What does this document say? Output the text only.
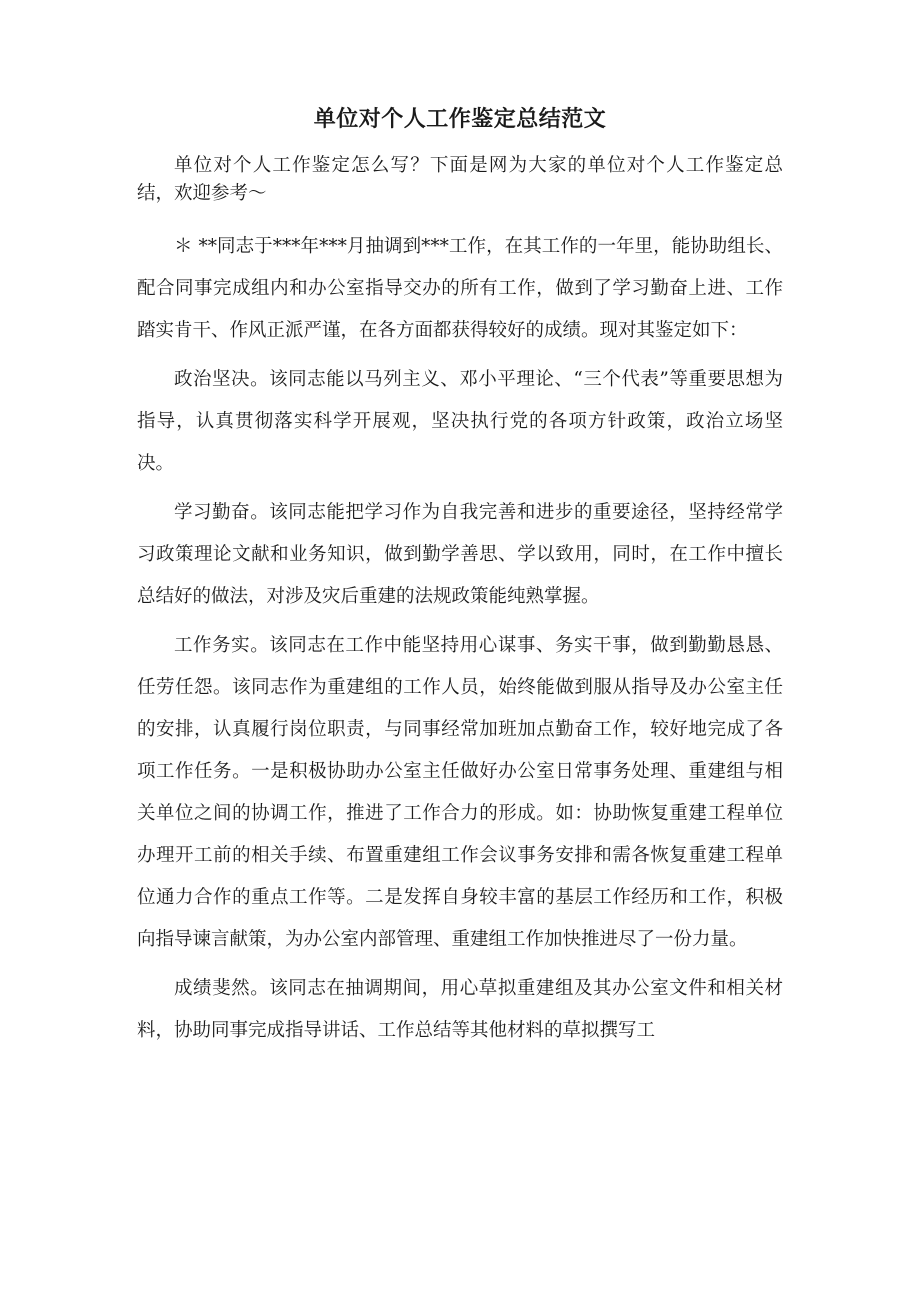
单位对个人工作鉴定总结范文

单位对个人工作鉴定怎么写？下面是网为大家的单位对个人工作鉴定总结，欢迎参考～

＊ **同志于***年***月抽调到***工作，在其工作的一年里，能协助组长、配合同事完成组内和办公室指导交办的所有工作，做到了学习勤奋上进、工作踏实肯干、作风正派严谨，在各方面都获得较好的成绩。现对其鉴定如下：

政治坚决。该同志能以马列主义、邓小平理论、“三个代表”等重要思想为指导，认真贯彻落实科学开展观，坚决执行党的各项方针政策，政治立场坚决。

学习勤奋。该同志能把学习作为自我完善和进步的重要途径，坚持经常学习政策理论文献和业务知识，做到勤学善思、学以致用，同时，在工作中擅长总结好的做法，对涉及灾后重建的法规政策能纯熟掌握。

工作务实。该同志在工作中能坚持用心谋事、务实干事，做到勤勤恳恳、任劳任怨。该同志作为重建组的工作人员，始终能做到服从指导及办公室主任的安排，认真履行岗位职责，与同事经常加班加点勤奋工作，较好地完成了各项工作任务。一是积极协助办公室主任做好办公室日常事务处理、重建组与相关单位之间的协调工作，推进了工作合力的形成。如：协助恢复重建工程单位办理开工前的相关手续、布置重建组工作会议事务安排和需各恢复重建工程单位通力合作的重点工作等。二是发挥自身较丰富的基层工作经历和工作，积极向指导谏言献策，为办公室内部管理、重建组工作加快推进尽了一份力量。

成绩斐然。该同志在抽调期间，用心草拟重建组及其办公室文件和相关材料，协助同事完成指导讲话、工作总结等其他材料的草拟撰写工
